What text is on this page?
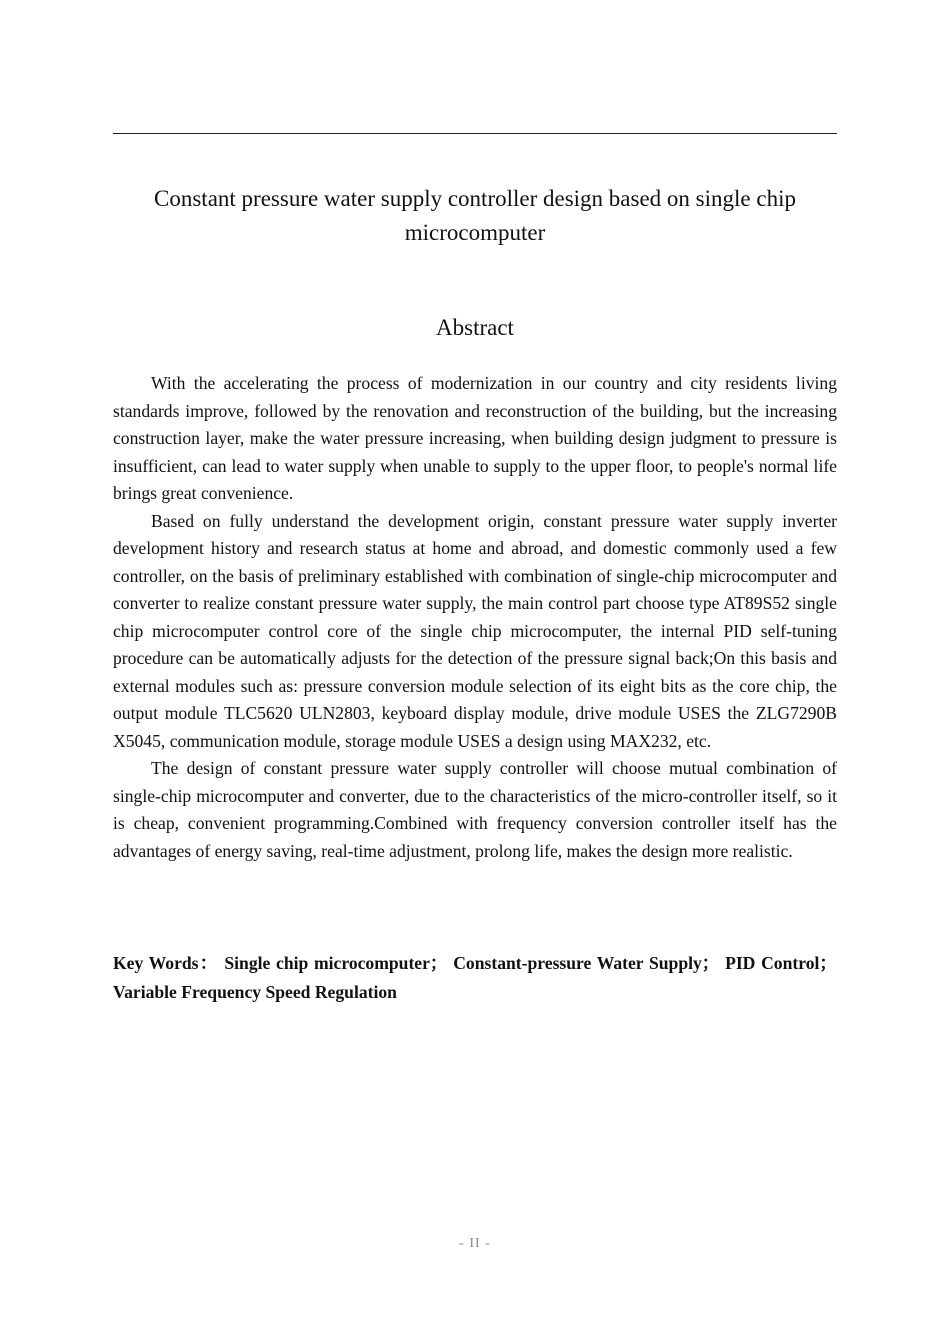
Constant pressure water supply controller design based on single chip microcomputer
Abstract

With the accelerating the process of modernization in our country and city residents living standards improve, followed by the renovation and reconstruction of the building, but the increasing construction layer, make the water pressure increasing, when building design judgment to pressure is insufficient, can lead to water supply when unable to supply to the upper floor, to people's normal life brings great convenience.

Based on fully understand the development origin, constant pressure water supply inverter development history and research status at home and abroad, and domestic commonly used a few controller, on the basis of preliminary established with combination of single-chip microcomputer and converter to realize constant pressure water supply, the main control part choose type AT89S52 single chip microcomputer control core of the single chip microcomputer, the internal PID self-tuning procedure can be automatically adjusts for the detection of the pressure signal back;On this basis and external modules such as: pressure conversion module selection of its eight bits as the core chip, the output module TLC5620 ULN2803, keyboard display module, drive module USES the ZLG7290B X5045, communication module, storage module USES a design using MAX232, etc.

The design of constant pressure water supply controller will choose mutual combination of single-chip microcomputer and converter, due to the characteristics of the micro-controller itself, so it is cheap, convenient programming.Combined with frequency conversion controller itself has the advantages of energy saving, real-time adjustment, prolong life, makes the design more realistic.

Key Words： Single chip microcomputer； Constant-pressure Water Supply； PID Control；Variable Frequency Speed Regulation

- II -
